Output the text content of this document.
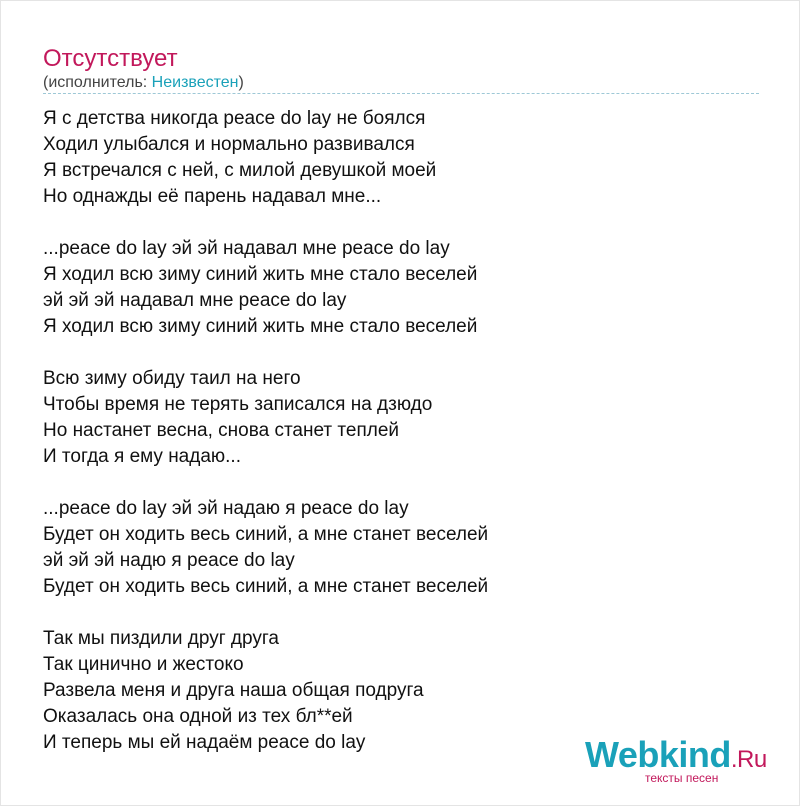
Отсутствует
(исполнитель: Неизвестен)
Я с детства никогда peace do lay не боялся
Ходил улыбался и нормально развивался
Я встречался с ней, с милой девушкой моей
Но однажды её парень надавал мне...
...peace do lay эй эй надавал мне peace do lay
Я ходил всю зиму синий жить мне стало веселей
эй эй эй надавал мне peace do lay
Я ходил всю зиму синий жить мне стало веселей
Всю зиму обиду таил на него
Чтобы время не терять записался на дзюдо
Но настанет весна, снова станет теплей
И тогда я ему надаю...
...peace do lay эй эй надаю я peace do lay
Будет он ходить весь синий, а мне станет веселей
эй эй эй надю я peace do lay
Будет он ходить весь синий, а мне станет веселей
Так мы пиздили друг друга
Так цинично и жестоко
Развела меня и друга наша общая подруга
Оказалась она одной из тех бл**ей
И теперь мы ей надаём peace do lay	Webkind.Ru
тексты песен
